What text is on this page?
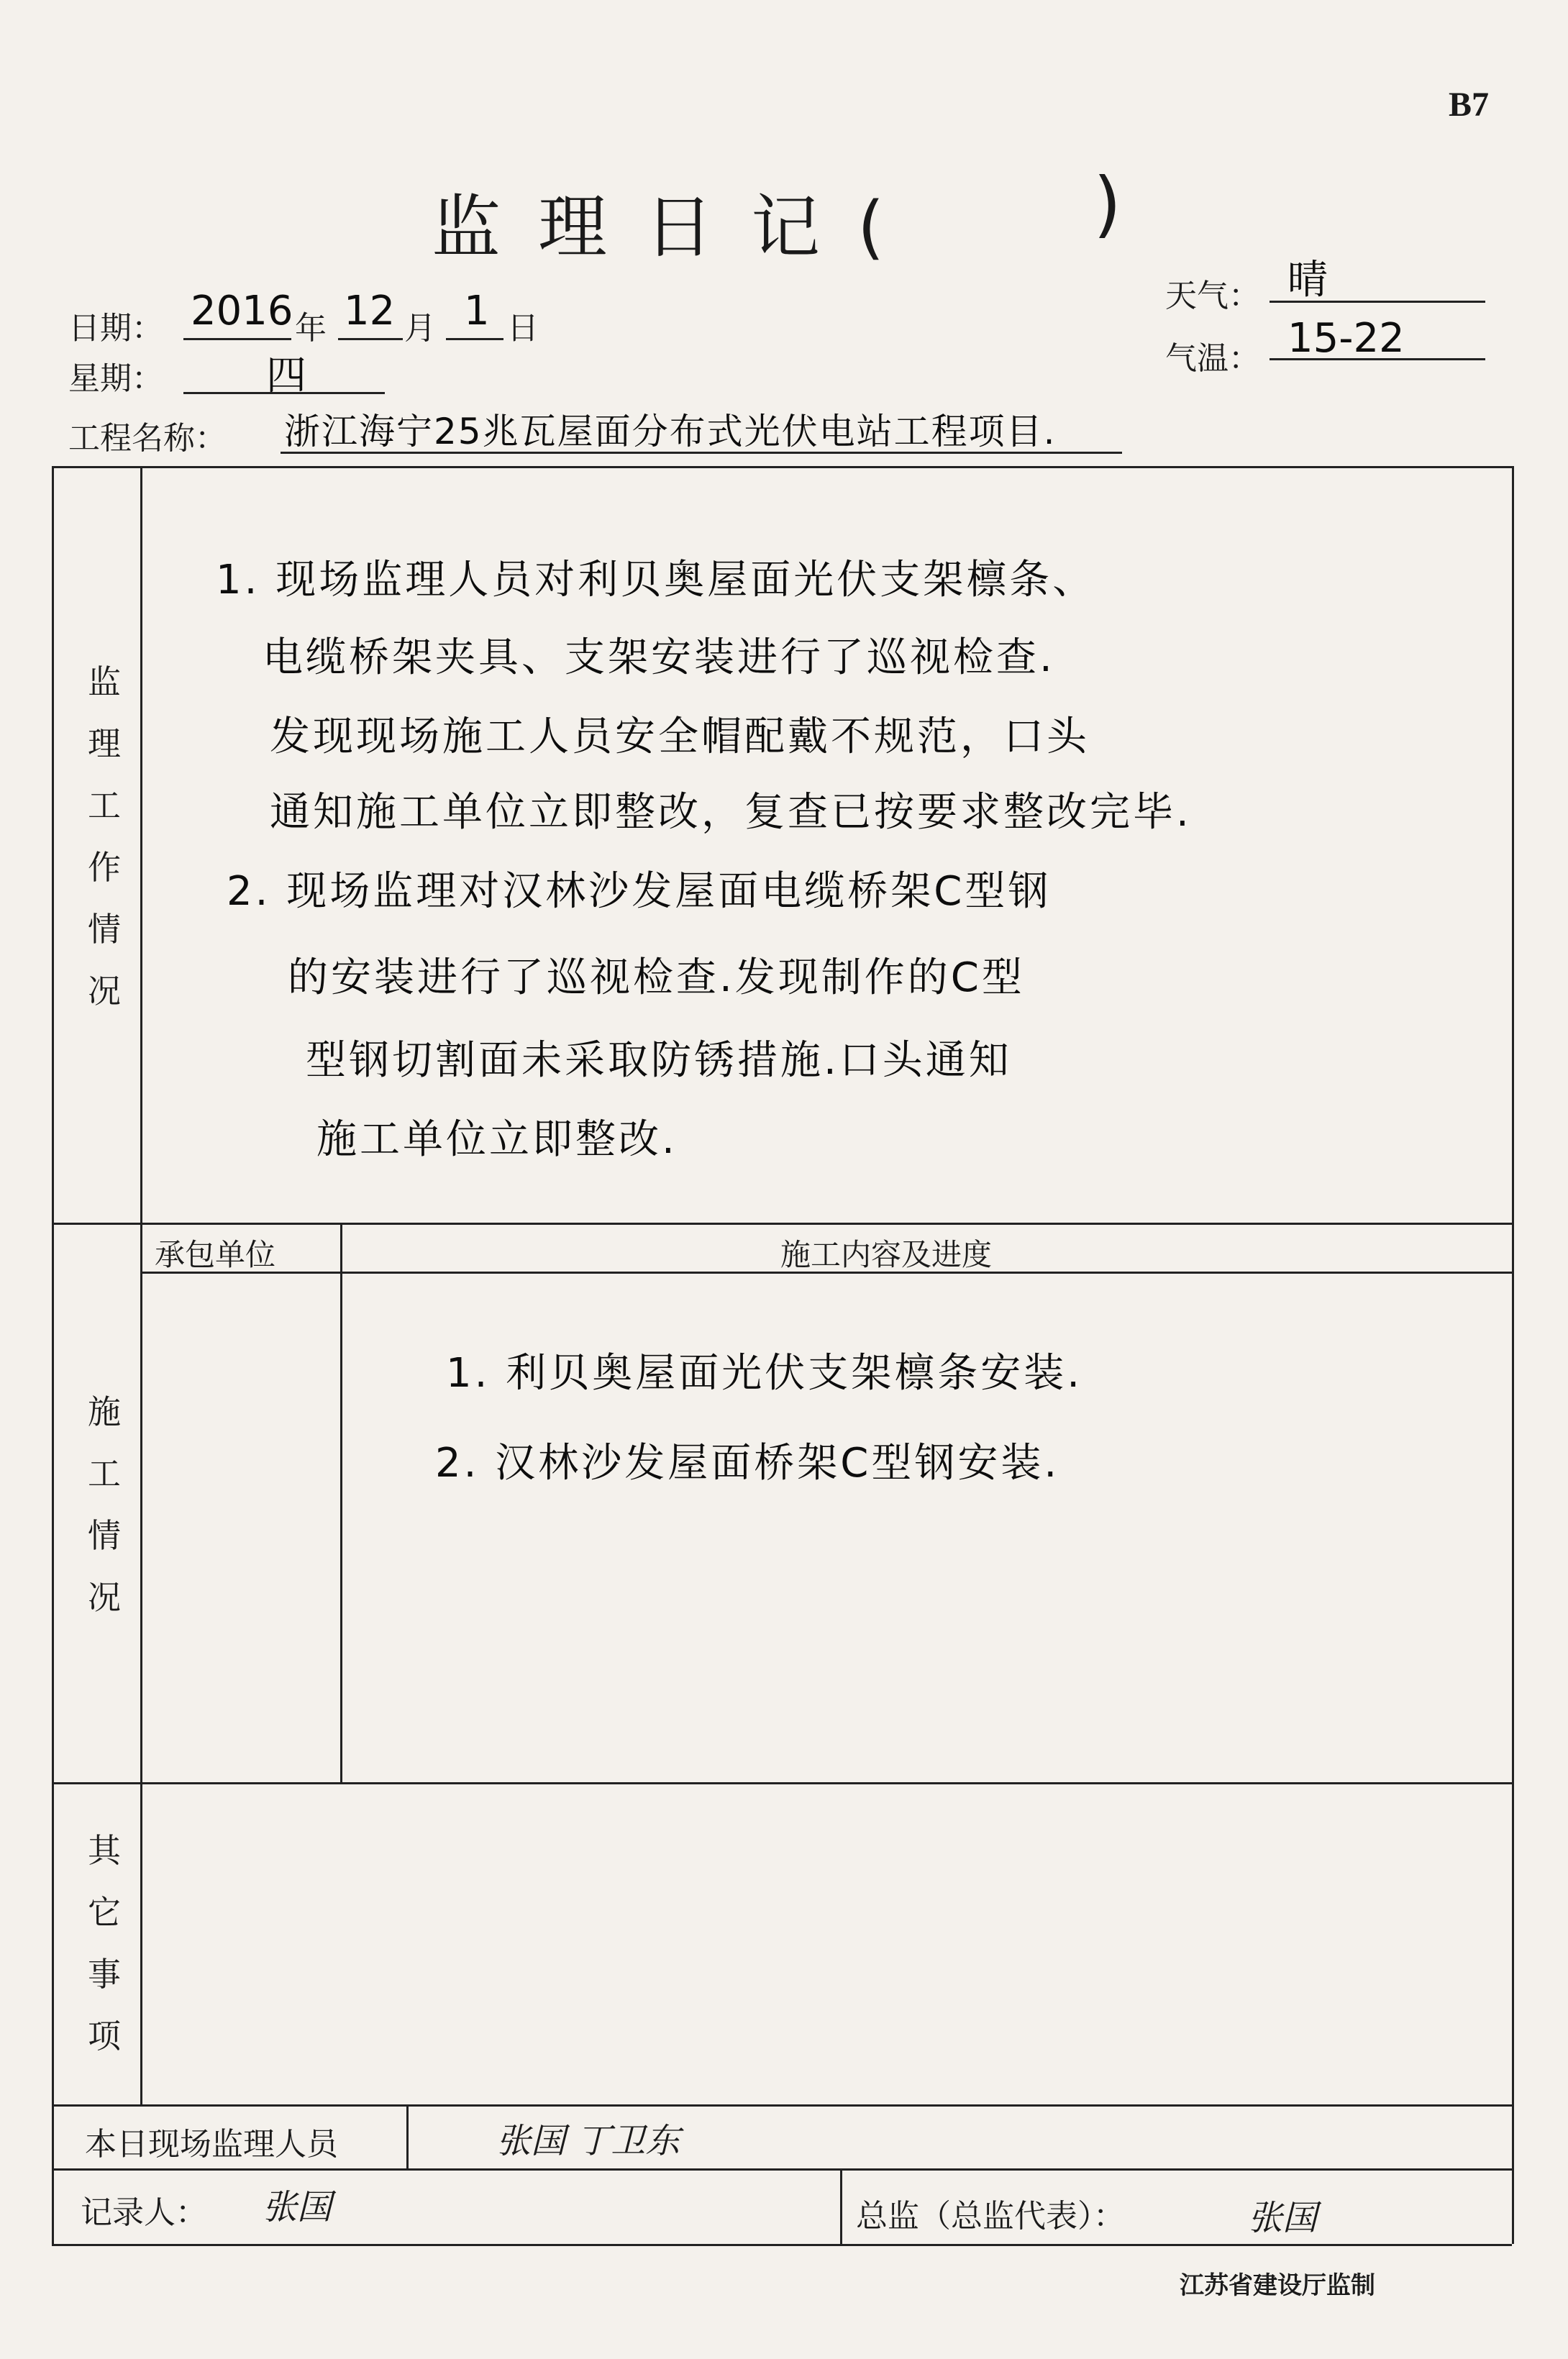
B7
监理日记( )
天气： 晴
气温： 15-22
日期： 2016 年 12 月 1 日
星期：	四
工程名称： 浙江海宁25兆瓦屋面分布式光伏电站工程项目.
监
理
工
作
情
况
1. 现场监理人员对利贝奥屋面光伏支架檩条、
电缆桥架夹具、支架安装进行了巡视检查.
发现现场施工人员安全帽配戴不规范，口头
通知施工单位立即整改，复查已按要求整改完毕.
2. 现场监理对汉林沙发屋面电缆桥架C型钢
的安装进行了巡视检查.发现制作的C型
型钢切割面未采取防锈措施.口头通知
施工单位立即整改.
承包单位	施工内容及进度
施
工
情
况
1. 利贝奥屋面光伏支架檩条安装.
2. 汉林沙发屋面桥架C型钢安装.
其
它
事
项
本日现场监理人员	张国 丁卫东
记录人： 张国	总监（总监代表）：	张国
江苏省建设厅监制
